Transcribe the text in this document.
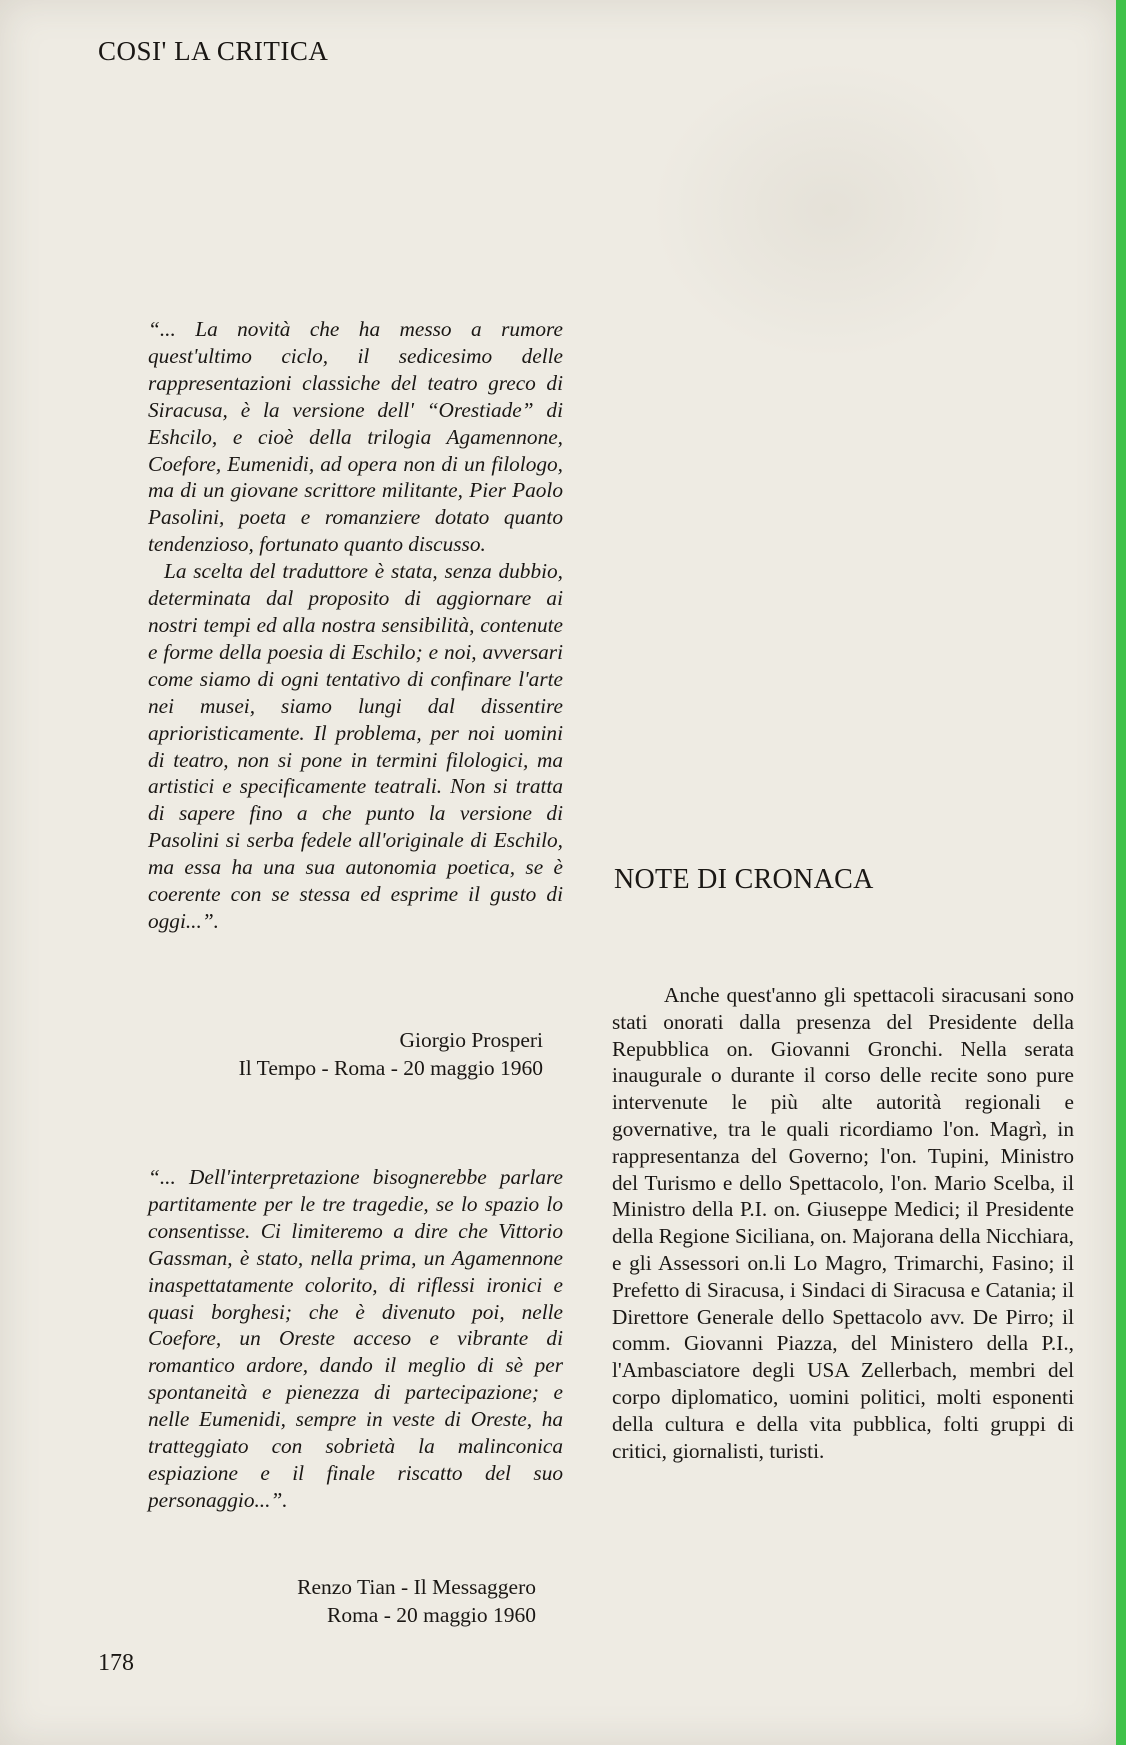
COSI' LA CRITICA

“... La novità che ha messo a rumore quest'ultimo ciclo, il sedicesimo delle rappresentazioni classiche del teatro greco di Siracusa, è la versione dell' “Orestiade” di Eshcilo, e cioè della trilogia Agamennone, Coefore, Eumenidi, ad opera non di un filologo, ma di un giovane scrittore militante, Pier Paolo Pasolini, poeta e romanziere dotato quanto tendenzioso, fortunato quanto discusso.

La scelta del traduttore è stata, senza dubbio, determinata dal proposito di aggiornare ai nostri tempi ed alla nostra sensibilità, contenute e forme della poesia di Eschilo; e noi, avversari come siamo di ogni tentativo di confinare l'arte nei musei, siamo lungi dal dissentire aprioristicamente. Il problema, per noi uomini di teatro, non si pone in termini filologici, ma artistici e specificamente teatrali. Non si tratta di sapere fino a che punto la versione di Pasolini si serba fedele all'originale di Eschilo, ma essa ha una sua autonomia poetica, se è coerente con se stessa ed esprime il gusto di oggi...”.

Giorgio Prosperi
Il Tempo - Roma - 20 maggio 1960

“... Dell'interpretazione bisognerebbe parlare partitamente per le tre tragedie, se lo spazio lo consentisse. Ci limiteremo a dire che Vittorio Gassman, è stato, nella prima, un Agamennone inaspettatamente colorito, di riflessi ironici e quasi borghesi; che è divenuto poi, nelle Coefore, un Oreste acceso e vibrante di romantico ardore, dando il meglio di sè per spontaneità e pienezza di partecipazione; e nelle Eumenidi, sempre in veste di Oreste, ha tratteggiato con sobrietà la malinconica espiazione e il finale riscatto del suo personaggio...”.

Renzo Tian - Il Messaggero
Roma - 20 maggio 1960
NOTE DI CRONACA

Anche quest'anno gli spettacoli siracusani sono stati onorati dalla presenza del Presidente della Repubblica on. Giovanni Gronchi. Nella serata inaugurale o durante il corso delle recite sono pure intervenute le più alte autorità regionali e governative, tra le quali ricordiamo l'on. Magrì, in rappresentanza del Governo; l'on. Tupini, Ministro del Turismo e dello Spettacolo, l'on. Mario Scelba, il Ministro della P.I. on. Giuseppe Medici; il Presidente della Regione Siciliana, on. Majorana della Nicchiara, e gli Assessori on.li Lo Magro, Trimarchi, Fasino; il Prefetto di Siracusa, i Sindaci di Siracusa e Catania; il Direttore Generale dello Spettacolo avv. De Pirro; il comm. Giovanni Piazza, del Ministero della P.I., l'Ambasciatore degli USA Zellerbach, membri del corpo diplomatico, uomini politici, molti esponenti della cultura e della vita pubblica, folti gruppi di critici, giornalisti, turisti.

178
